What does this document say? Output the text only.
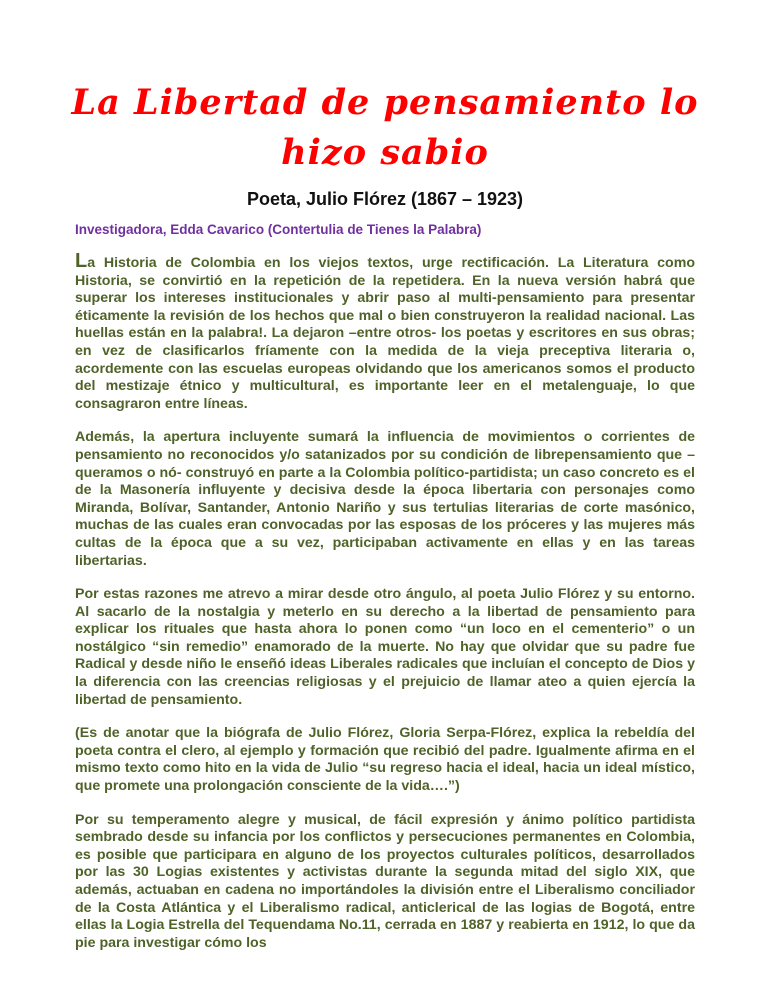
La Libertad de pensamiento lo
hizo sabio

Poeta, Julio Flórez (1867 – 1923)

Investigadora, Edda Cavarico (Contertulia de Tienes la Palabra)

La Historia de Colombia en los viejos textos, urge rectificación. La Literatura como Historia, se convirtió en la repetición de la repetidera. En la nueva versión habrá que superar los intereses institucionales y abrir paso al multi-pensamiento para presentar éticamente la revisión de los hechos que mal o bien construyeron la realidad nacional. Las huellas están en la palabra!. La dejaron –entre otros- los poetas y escritores en sus obras; en vez de clasificarlos fríamente con la medida de la vieja preceptiva literaria o, acordemente con las escuelas europeas olvidando que los americanos somos el producto del mestizaje étnico y multicultural, es importante leer en el metalenguaje, lo que consagraron entre líneas.

Además, la apertura incluyente sumará la influencia de movimientos o corrientes de pensamiento no reconocidos y/o satanizados por su condición de librepensamiento que –queramos o nó- construyó en parte a la Colombia político-partidista; un caso concreto es el de la Masonería influyente y decisiva desde la época libertaria con personajes como Miranda, Bolívar, Santander, Antonio Nariño y sus tertulias literarias de corte masónico, muchas de las cuales eran convocadas por las esposas de los próceres y las mujeres más cultas de la época que a su vez, participaban activamente en ellas y en las tareas libertarias.

Por estas razones me atrevo a mirar desde otro ángulo, al poeta Julio Flórez y su entorno. Al sacarlo de la nostalgia y meterlo en su derecho a la libertad de pensamiento para explicar los rituales que hasta ahora lo ponen como “un loco en el cementerio” o un nostálgico “sin remedio” enamorado de la muerte. No hay que olvidar que su padre fue Radical y desde niño le enseñó ideas Liberales radicales que incluían el concepto de Dios y la diferencia con las creencias religiosas y el prejuicio de llamar ateo a quien ejercía la libertad de pensamiento.

(Es de anotar que la biógrafa de Julio Flórez, Gloria Serpa-Flórez, explica la rebeldía del poeta contra el clero, al ejemplo y formación que recibió del padre. Igualmente afirma en el mismo texto como hito en la vida de Julio “su regreso hacia el ideal, hacia un ideal místico, que promete una prolongación consciente de la vida….”)

Por su temperamento alegre y musical, de fácil expresión y ánimo político partidista sembrado desde su infancia por los conflictos y persecuciones permanentes en Colombia, es posible que participara en alguno de los proyectos culturales políticos, desarrollados por las 30 Logias existentes y activistas durante la segunda mitad del siglo XIX, que además, actuaban en cadena no importándoles la división entre el Liberalismo conciliador de la Costa Atlántica y el Liberalismo radical, anticlerical de las logias de Bogotá, entre ellas la Logia Estrella del Tequendama No.11, cerrada en 1887 y reabierta en 1912, lo que da pie para investigar cómo los
